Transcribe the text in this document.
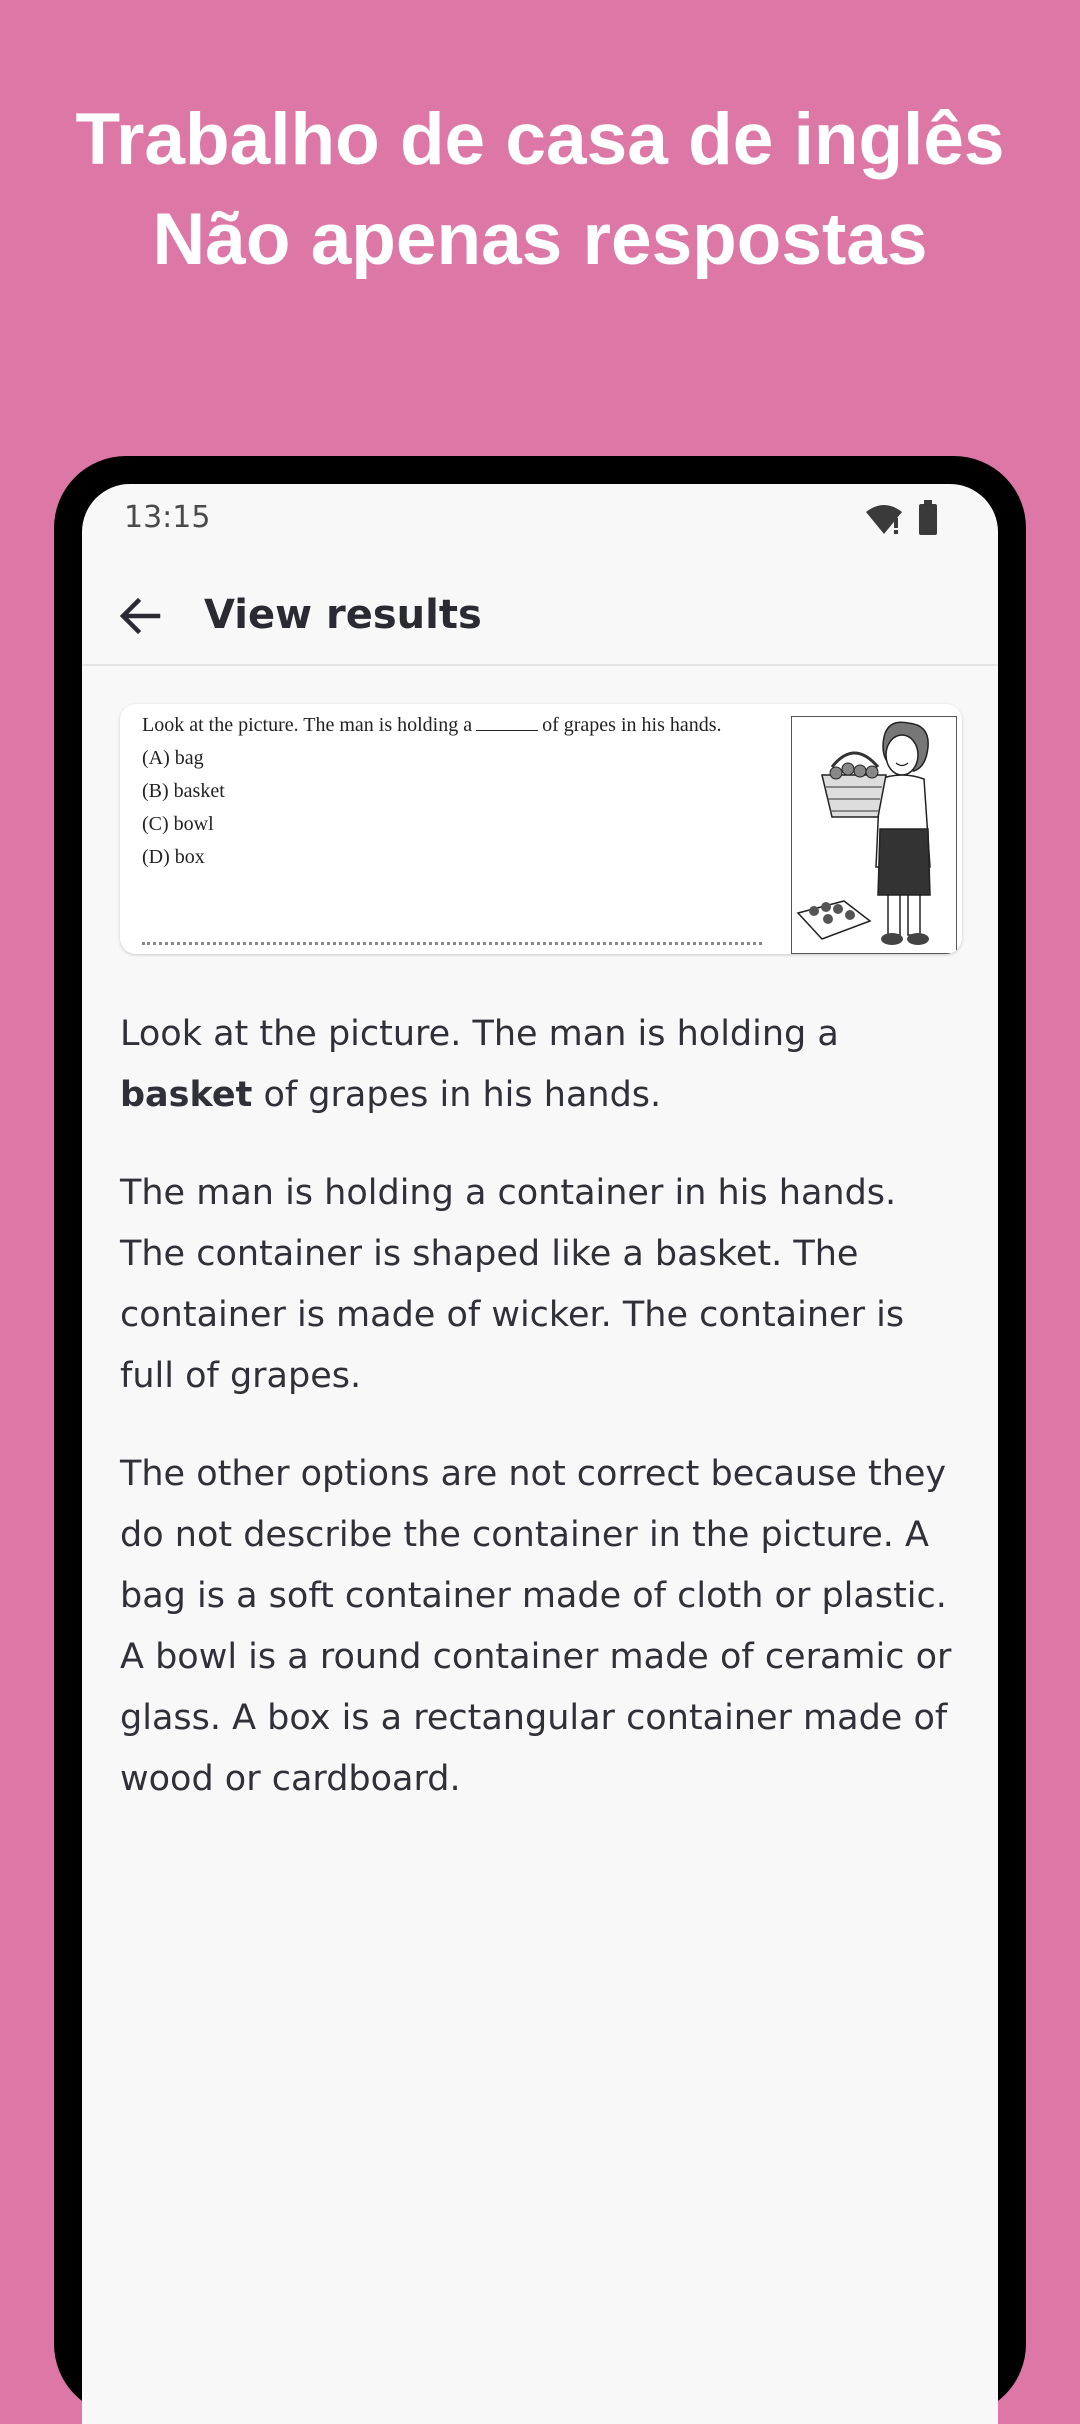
Trabalho de casa de inglês
Não apenas respostas
13:15
View results
Look at the picture. The man is holding a	of grapes in his hands.
(A) bag
(B) basket
(C) bowl
(D) box

Look at the picture. The man is holding a basket of grapes in his hands.

The man is holding a container in his hands. The container is shaped like a basket. The container is made of wicker. The container is full of grapes.

The other options are not correct because they do not describe the container in the picture. A bag is a soft container made of cloth or plastic. A bowl is a round container made of ceramic or glass. A box is a rectangular container made of wood or cardboard.
